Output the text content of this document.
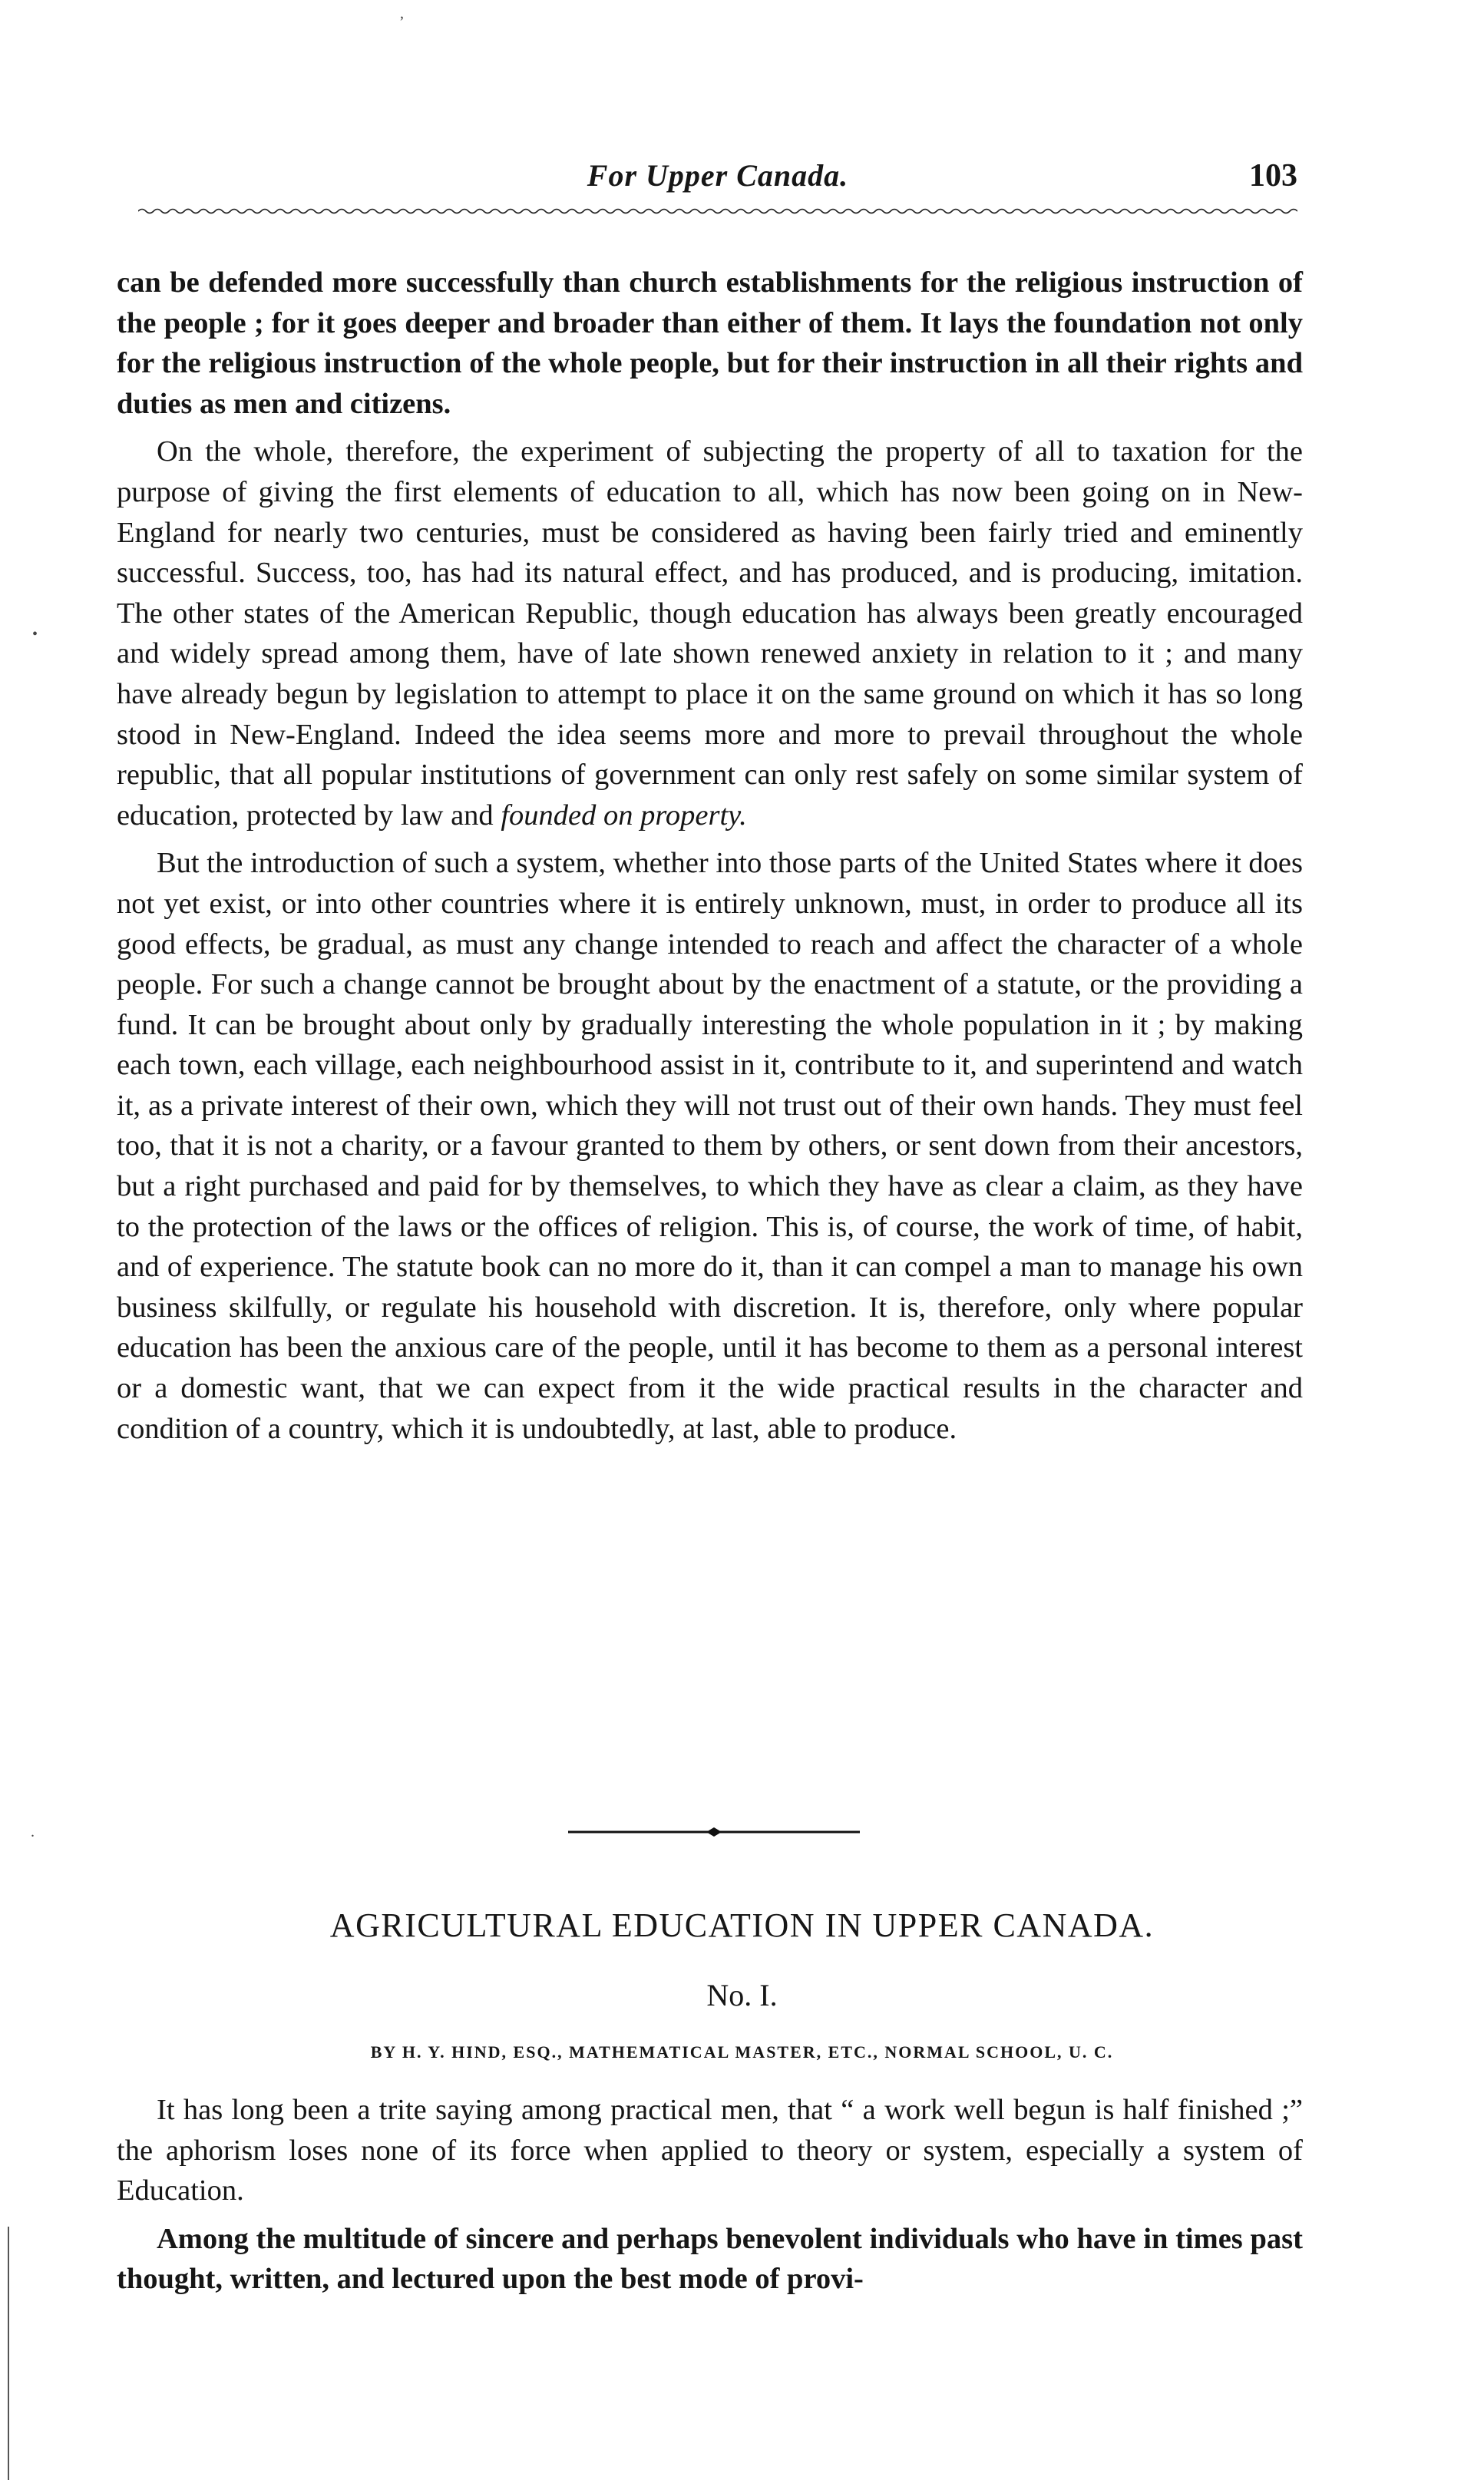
For Upper Canada.	103

can be defended more successfully than church establishments for the religious instruction of the people ; for it goes deeper and broader than either of them. It lays the foundation not only for the religious instruction of the whole people, but for their instruction in all their rights and duties as men and citizens.

On the whole, therefore, the experiment of subjecting the property of all to taxation for the purpose of giving the first elements of education to all, which has now been going on in New-England for nearly two centuries, must be considered as having been fairly tried and eminently successful. Success, too, has had its natural effect, and has produced, and is producing, imitation. The other states of the American Republic, though education has always been greatly encouraged and widely spread among them, have of late shown renewed anxiety in relation to it ; and many have already begun by legislation to attempt to place it on the same ground on which it has so long stood in New-England. Indeed the idea seems more and more to prevail throughout the whole republic, that all popular institutions of government can only rest safely on some similar system of education, protected by law and founded on property.

But the introduction of such a system, whether into those parts of the United States where it does not yet exist, or into other countries where it is entirely unknown, must, in order to produce all its good effects, be gradual, as must any change intended to reach and affect the character of a whole people. For such a change cannot be brought about by the enactment of a statute, or the providing a fund. It can be brought about only by gradually interesting the whole population in it ; by making each town, each village, each neighbourhood assist in it, contribute to it, and superintend and watch it, as a private interest of their own, which they will not trust out of their own hands. They must feel too, that it is not a charity, or a favour granted to them by others, or sent down from their ancestors, but a right purchased and paid for by themselves, to which they have as clear a claim, as they have to the protection of the laws or the offices of religion. This is, of course, the work of time, of habit, and of experience. The statute book can no more do it, than it can compel a man to manage his own business skilfully, or regulate his household with discretion. It is, therefore, only where popular education has been the anxious care of the people, until it has become to them as a personal interest or a domestic want, that we can expect from it the wide practical results in the character and condition of a country, which it is undoubtedly, at last, able to produce.

AGRICULTURAL EDUCATION IN UPPER CANADA.
No. I.
BY H. Y. HIND, ESQ., MATHEMATICAL MASTER, ETC., NORMAL SCHOOL, U. C.

It has long been a trite saying among practical men, that “ a work well begun is half finished ;” the aphorism loses none of its force when applied to theory or system, especially a system of Education.

Among the multitude of sincere and perhaps benevolent individuals who have in times past thought, written, and lectured upon the best mode of provi-

ʼ
•
.
